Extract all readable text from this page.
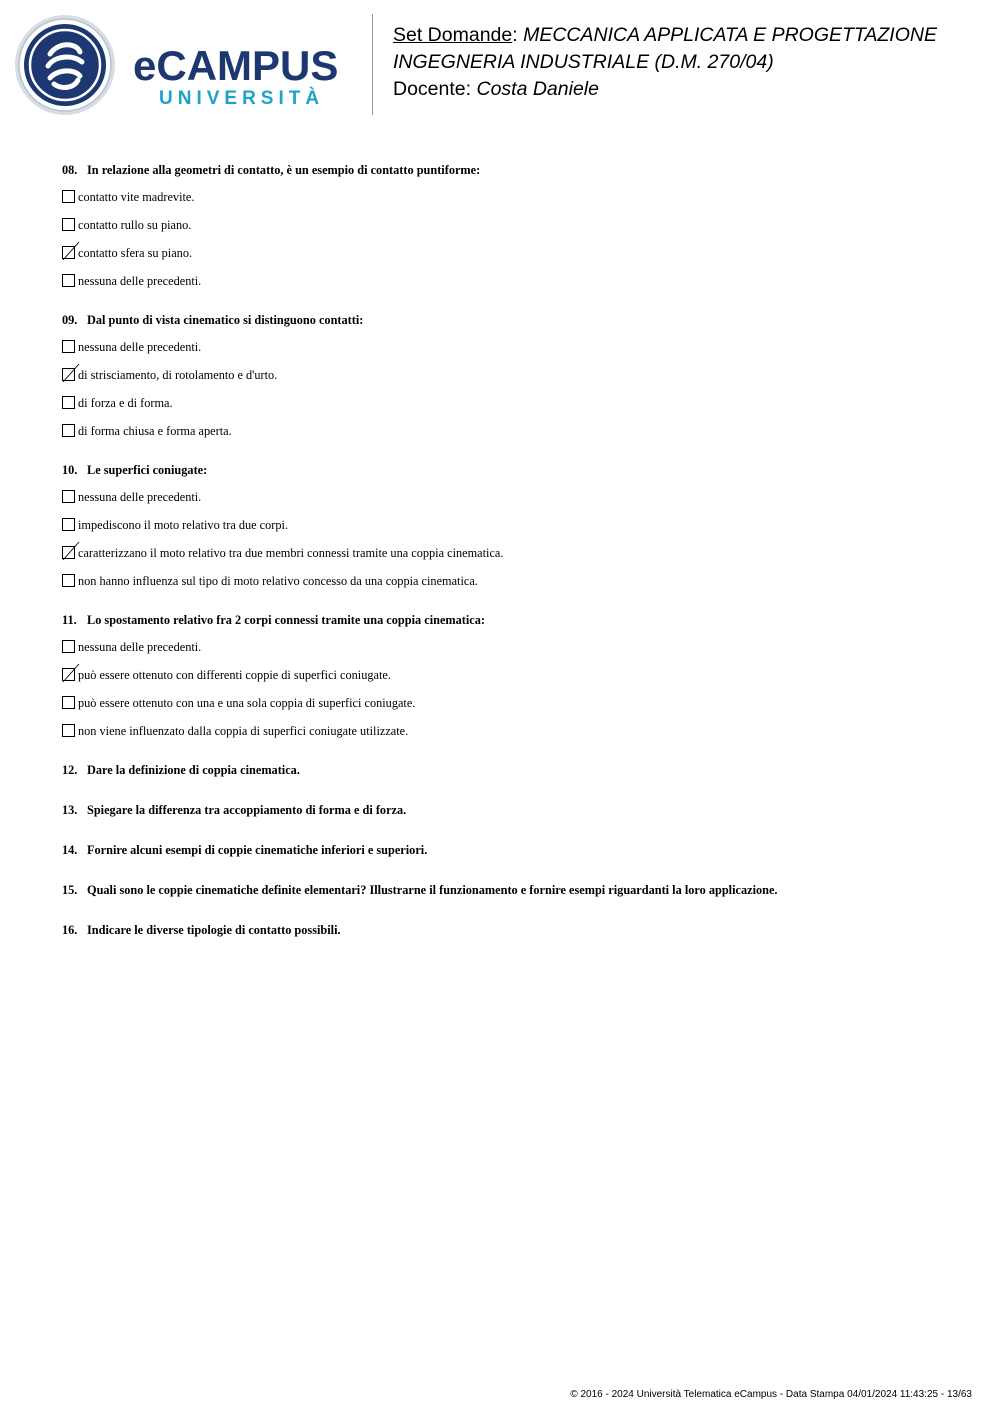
eCAMPUS
UNIVERSITÀ
Set Domande: MECCANICA APPLICATA E PROGETTAZIONE
INGEGNERIA INDUSTRIALE (D.M. 270/04)
Docente: Costa Daniele
08. In relazione alla geometri di contatto, è un esempio di contatto puntiforme:
contatto vite madrevite.
contatto rullo su piano.
contatto sfera su piano.
nessuna delle precedenti.
09. Dal punto di vista cinematico si distinguono contatti:
nessuna delle precedenti.
di strisciamento, di rotolamento e d'urto.
di forza e di forma.
di forma chiusa e forma aperta.
10. Le superfici coniugate:
nessuna delle precedenti.
impediscono il moto relativo tra due corpi.
caratterizzano il moto relativo tra due membri connessi tramite una coppia cinematica.
non hanno influenza sul tipo di moto relativo concesso da una coppia cinematica.
11. Lo spostamento relativo fra 2 corpi connessi tramite una coppia cinematica:
nessuna delle precedenti.
può essere ottenuto con differenti coppie di superfici coniugate.
può essere ottenuto con una e una sola coppia di superfici coniugate.
non viene influenzato dalla coppia di superfici coniugate utilizzate.
12. Dare la definizione di coppia cinematica.
13. Spiegare la differenza tra accoppiamento di forma e di forza.
14. Fornire alcuni esempi di coppie cinematiche inferiori e superiori.
15. Quali sono le coppie cinematiche definite elementari? Illustrarne il funzionamento e fornire esempi riguardanti la loro applicazione.
16. Indicare le diverse tipologie di contatto possibili.
© 2016 - 2024 Università Telematica eCampus - Data Stampa 04/01/2024 11:43:25 - 13/63
